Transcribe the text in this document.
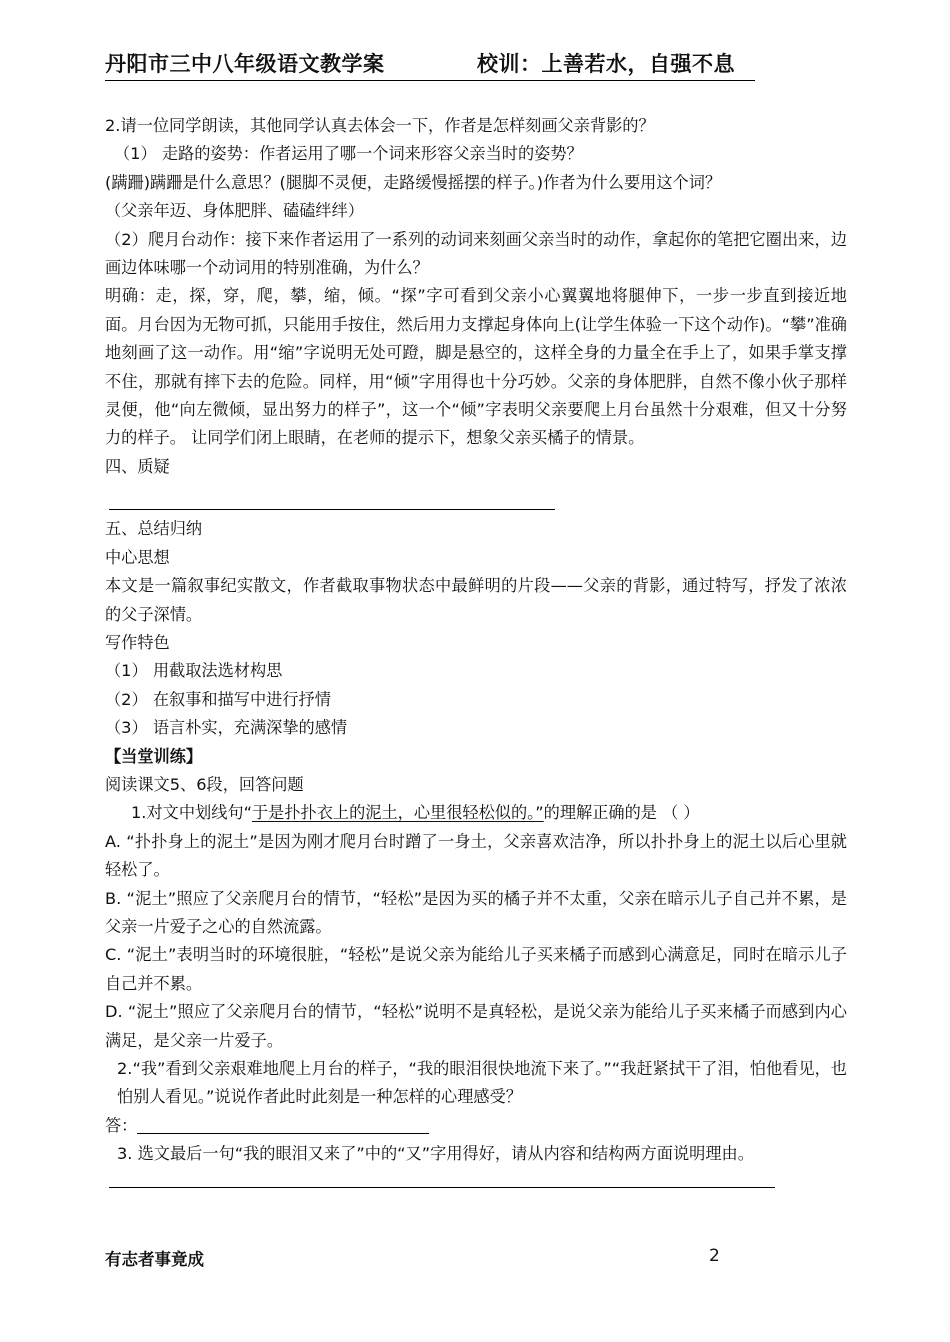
丹阳市三中八年级语文教学案	校训：上善若水，自强不息

2.请一位同学朗读，其他同学认真去体会一下，作者是怎样刻画父亲背影的？

（1） 走路的姿势：作者运用了哪一个词来形容父亲当时的姿势？

(蹒跚)蹒跚是什么意思？(腿脚不灵便，走路缓慢摇摆的样子。)作者为什么要用这个词？

（父亲年迈、身体肥胖、磕磕绊绊）

（2）爬月台动作：接下来作者运用了一系列的动词来刻画父亲当时的动作，拿起你的笔把它圈出来，边画边体味哪一个动词用的特别准确，为什么？

明确：走，探，穿，爬，攀，缩，倾。“探”字可看到父亲小心翼翼地将腿伸下，一步一步直到接近地面。月台因为无物可抓，只能用手按住，然后用力支撑起身体向上(让学生体验一下这个动作)。“攀”准确地刻画了这一动作。用“缩”字说明无处可蹬，脚是悬空的，这样全身的力量全在手上了，如果手掌支撑不住，那就有摔下去的危险。同样，用“倾”字用得也十分巧妙。父亲的身体肥胖，自然不像小伙子那样灵便，他“向左微倾，显出努力的样子”，这一个“倾”字表明父亲要爬上月台虽然十分艰难，但又十分努力的样子。 让同学们闭上眼睛，在老师的提示下，想象父亲买橘子的情景。

四、质疑

五、总结归纳

中心思想

本文是一篇叙事纪实散文，作者截取事物状态中最鲜明的片段——父亲的背影，通过特写，抒发了浓浓的父子深情。

写作特色

（1） 用截取法选材构思

（2） 在叙事和描写中进行抒情

（3） 语言朴实，充满深挚的感情

【当堂训练】

阅读课文5、6段，回答问题

1.对文中划线句“于是扑扑衣上的泥土，心里很轻松似的。”的理解正确的是 （ ）

A. “扑扑身上的泥土”是因为刚才爬月台时蹭了一身土，父亲喜欢洁净，所以扑扑身上的泥土以后心里就轻松了。

B. “泥土”照应了父亲爬月台的情节，“轻松”是因为买的橘子并不太重，父亲在暗示儿子自己并不累，是父亲一片爱子之心的自然流露。

C. “泥土”表明当时的环境很脏，“轻松”是说父亲为能给儿子买来橘子而感到心满意足，同时在暗示儿子自己并不累。

D. “泥土”照应了父亲爬月台的情节，“轻松”说明不是真轻松，是说父亲为能给儿子买来橘子而感到内心满足，是父亲一片爱子。

2.“我”看到父亲艰难地爬上月台的样子，“我的眼泪很快地流下来了。”“我赶紧拭干了泪，怕他看见，也怕别人看见。”说说作者此时此刻是一种怎样的心理感受？

答：

3. 选文最后一句“我的眼泪又来了”中的“又”字用得好，请从内容和结构两方面说明理由。

有志者事竟成	2
